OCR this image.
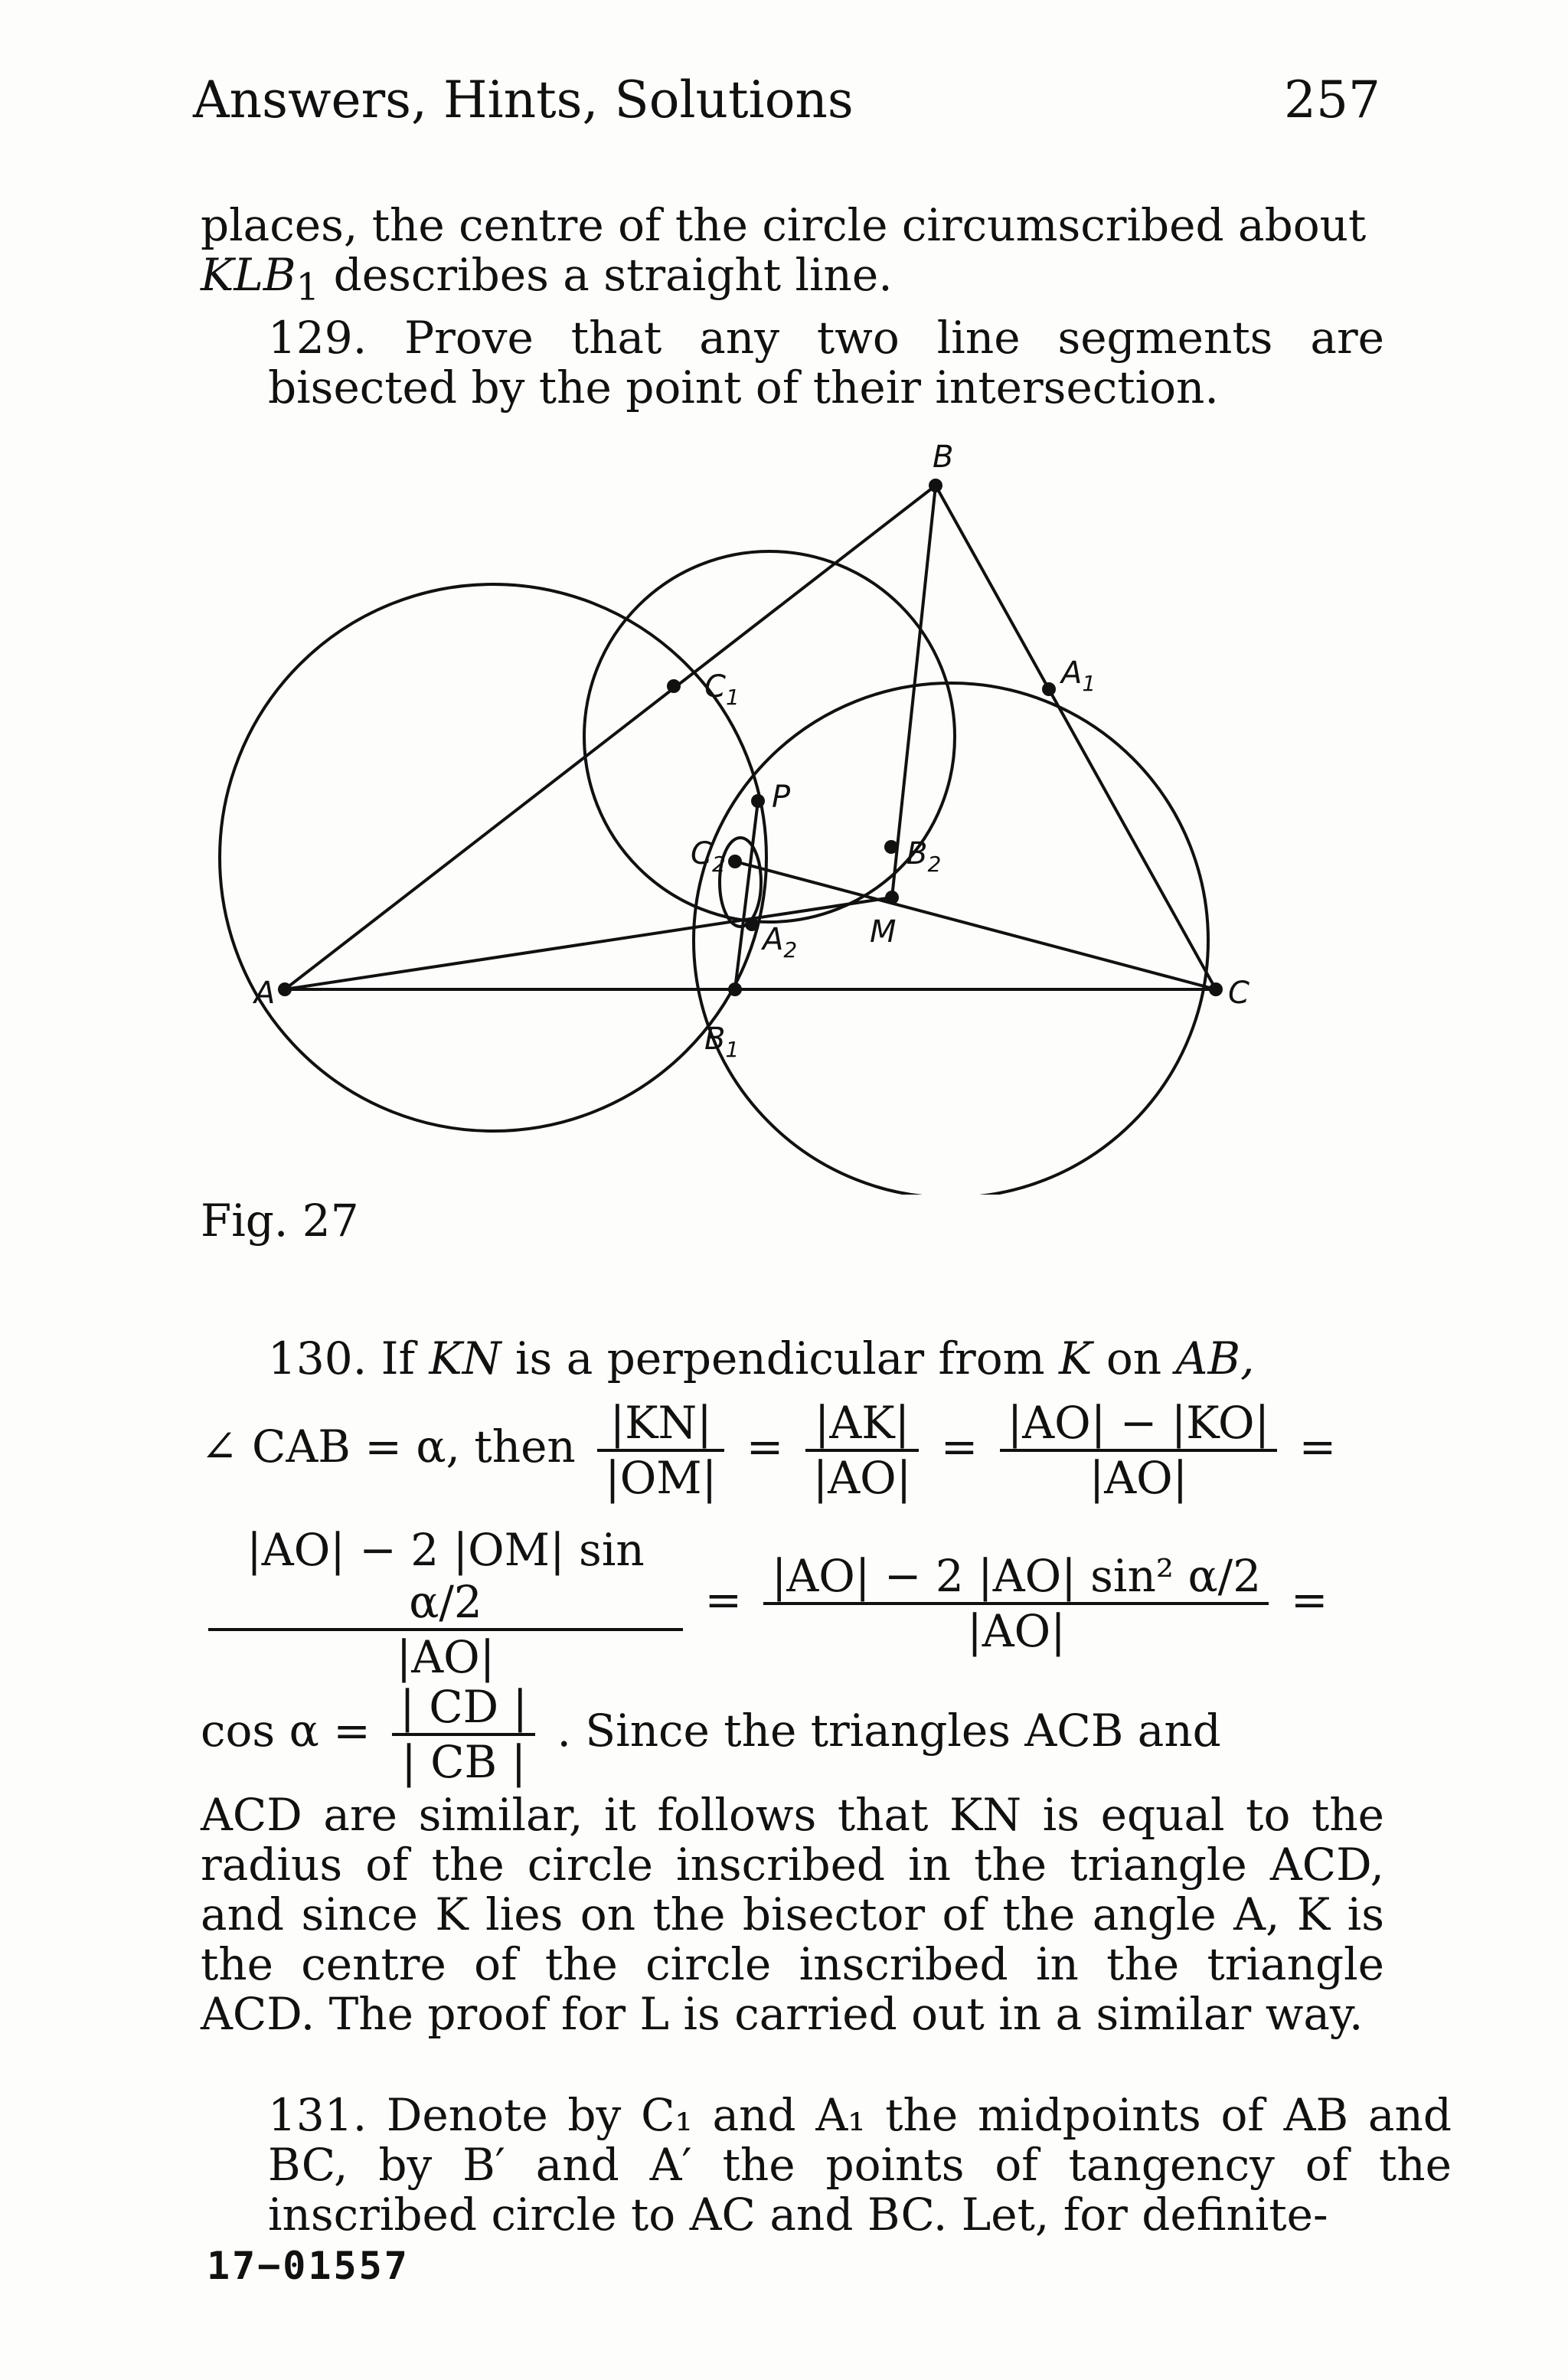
Answers, Hints, Solutions	257
places, the centre of the circle circumscribed about
$KLB_1$ describes a straight line.
129. Prove that any two line segments are bisected by the point of their intersection.
A
B
C
$C_1$
$A_1$
$B_1$
P
$C_2$
$A_2$
$B_2$
M
Fig. 27
130. If KN is a perpendicular from K on AB,
∠ CAB = α, then $\frac{|KN|}{|OM|} = \frac{|AK|}{|AO|} = \frac{|AO| - |KO|}{|AO|}$ =
$\frac{\text{|AO| − 2 |OM| sin α/2}}{|AO|} = \frac{\text{|AO| − 2 |AO| sin² α/2}}{|AO|}$ =
$\cos \alpha = \frac{| CD |}{| CB |}$ . Since the triangles ACB and
ACD are similar, it follows that KN is equal to the radius of the circle inscribed in the triangle ACD, and since K lies on the bisector of the angle A, K is the centre of the circle inscribed in the triangle ACD. The proof for L is carried out in a similar way.
131. Denote by C₁ and A₁ the midpoints of AB and BC, by B′ and A′ the points of tangency of the inscribed circle to AC and BC. Let, for definite-
17−01557
